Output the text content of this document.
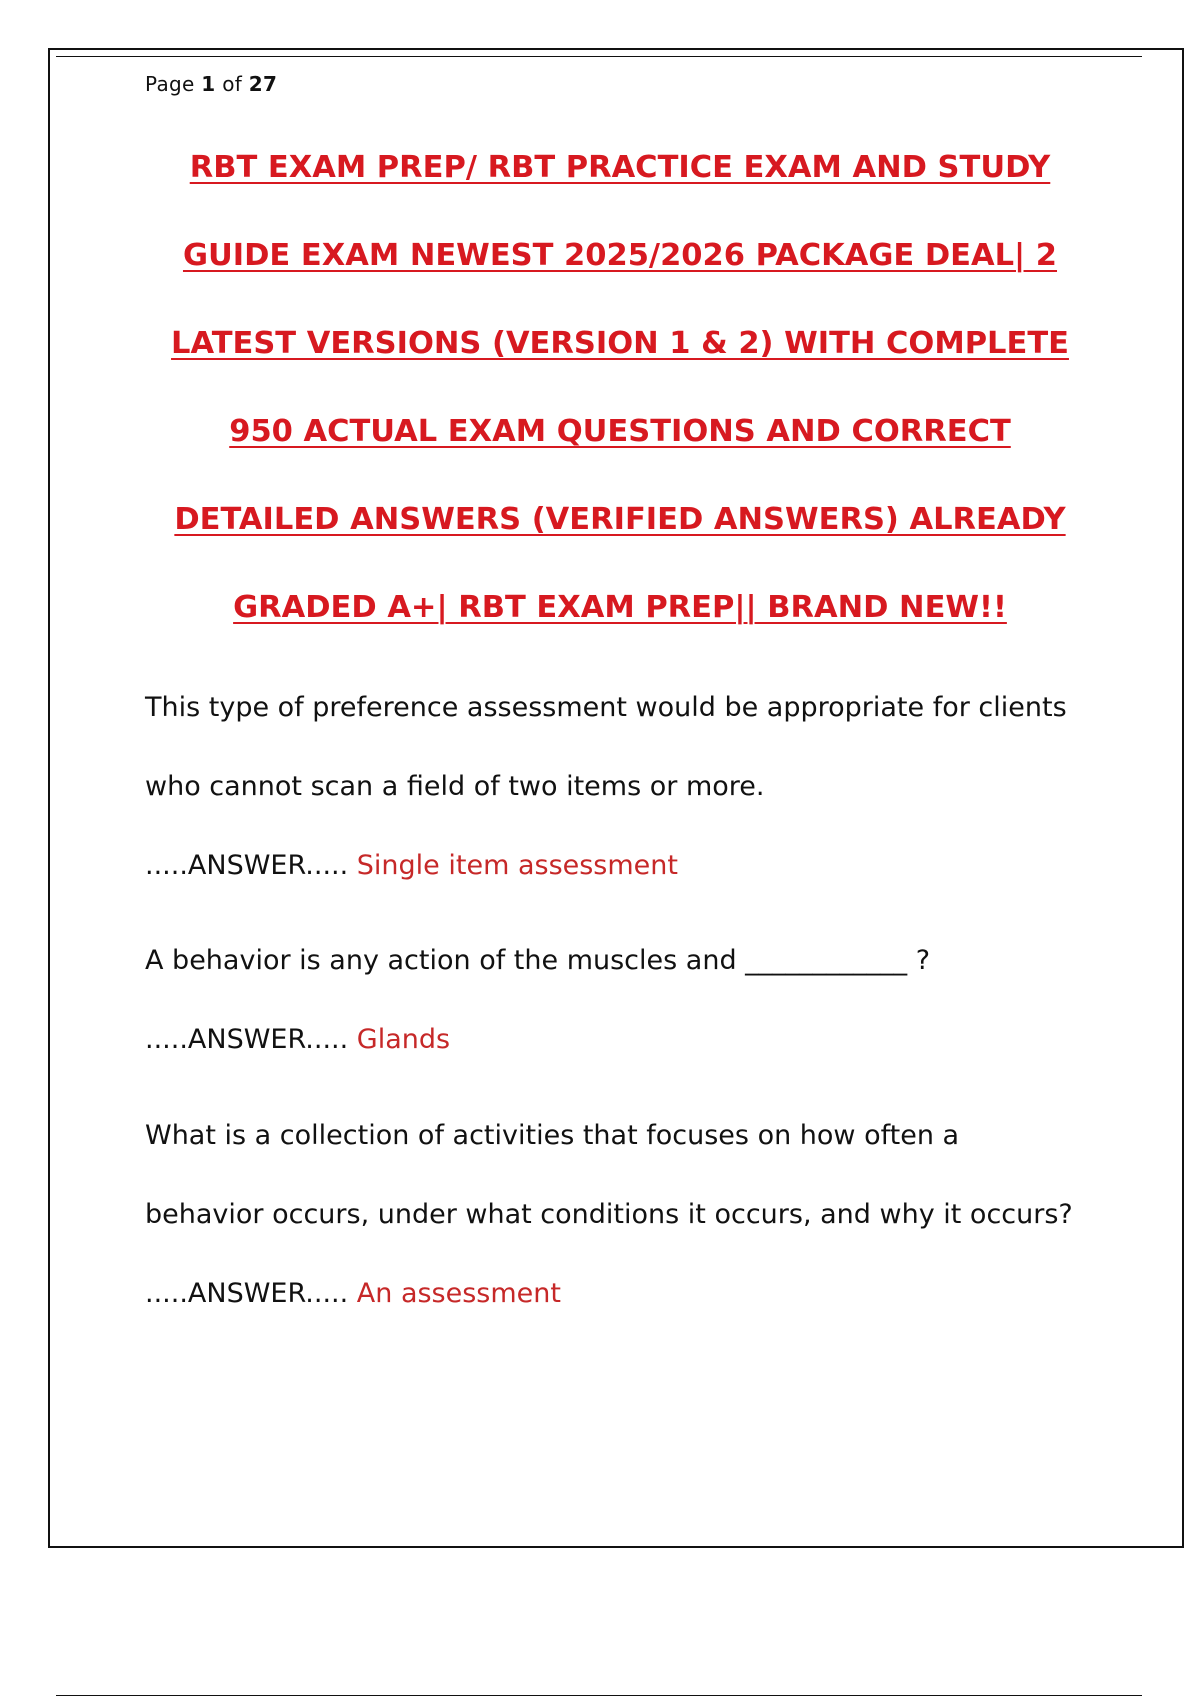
Page 1 of 27
RBT EXAM PREP/ RBT PRACTICE EXAM AND STUDY
GUIDE EXAM NEWEST 2025/2026 PACKAGE DEAL| 2
LATEST VERSIONS (VERSION 1 & 2) WITH COMPLETE
950 ACTUAL EXAM QUESTIONS AND CORRECT
DETAILED ANSWERS (VERIFIED ANSWERS) ALREADY
GRADED A+| RBT EXAM PREP|| BRAND NEW!!
This type of preference assessment would be appropriate for clients who cannot scan a field of two items or more.
.....ANSWER..... Single item assessment
A behavior is any action of the muscles and ____________ ?
.....ANSWER..... Glands
What is a collection of activities that focuses on how often a behavior occurs, under what conditions it occurs, and why it occurs? .....ANSWER..... An assessment
